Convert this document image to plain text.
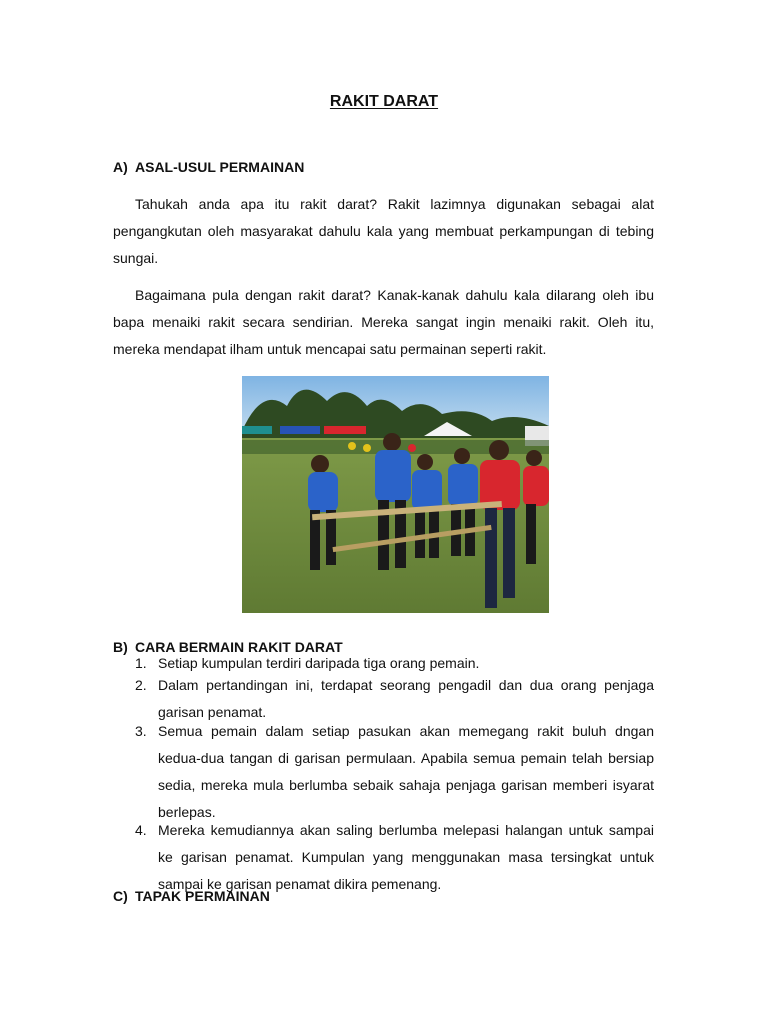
RAKIT DARAT
A) ASAL-USUL PERMAINAN

Tahukah anda apa itu rakit darat? Rakit lazimnya digunakan sebagai alat pengangkutan oleh masyarakat dahulu kala yang membuat perkampungan di tebing sungai.

Bagaimana pula dengan rakit darat? Kanak-kanak dahulu kala dilarang oleh ibu bapa menaiki rakit secara sendirian. Mereka sangat ingin menaiki rakit. Oleh itu, mereka mendapat ilham untuk mencapai satu permainan seperti rakit.

B) CARA BERMAIN RAKIT DARAT
1. Setiap kumpulan terdiri daripada tiga orang pemain.
2. Dalam pertandingan ini, terdapat seorang pengadil dan dua orang penjaga garisan penamat.
3. Semua pemain dalam setiap pasukan akan memegang rakit buluh dngan kedua-dua tangan di garisan permulaan. Apabila semua pemain telah bersiap sedia, mereka mula berlumba sebaik sahaja penjaga garisan memberi isyarat berlepas.
4. Mereka kemudiannya akan saling berlumba melepasi halangan untuk sampai ke garisan penamat. Kumpulan yang menggunakan masa tersingkat untuk sampai ke garisan penamat dikira pemenang.
C) TAPAK PERMAINAN
